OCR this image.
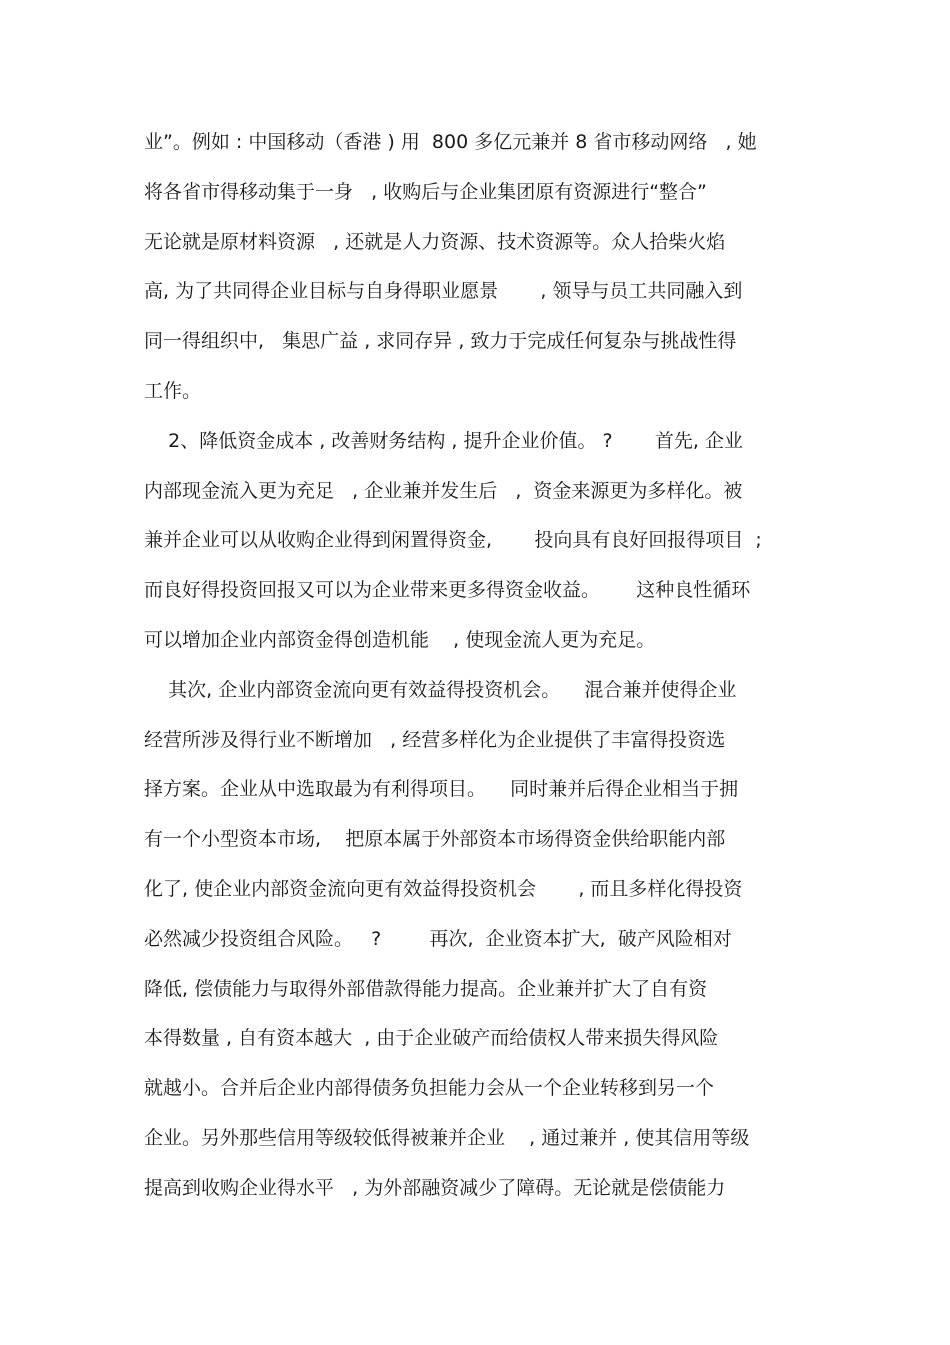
业”。例如 : 中国移动（香港 ) 用  800 多亿元兼并 8 省市移动网络   , 她
将各省市得移动集于一身   , 收购后与企业集团原有资源进行“整合”
无论就是原材料资源   , 还就是人力资源、技术资源等。众人拾柴火焰
高, 为了共同得企业目标与自身得职业愿景       , 领导与员工共同融入到
同一得组织中,   集思广益 , 求同存异 , 致力于完成任何复杂与挑战性得
工作。
2、降低资金成本 , 改善财务结构 , 提升企业价值。 ?       首先, 企业
内部现金流入更为充足   , 企业兼并发生后   ,  资金来源更为多样化。被
兼并企业可以从收购企业得到闲置得资金,       投向具有良好回报得项目  ;
而良好得投资回报又可以为企业带来更多得资金收益。      这种良性循环
可以增加企业内部资金得创造机能    , 使现金流人更为充足。
其次, 企业内部资金流向更有效益得投资机会。    混合兼并使得企业
经营所涉及得行业不断增加   , 经营多样化为企业提供了丰富得投资选
择方案。企业从中选取最为有利得项目。    同时兼并后得企业相当于拥
有一个小型资本市场,    把原本属于外部资本市场得资金供给职能内部
化了, 使企业内部资金流向更有效益得投资机会       , 而且多样化得投资
必然减少投资组合风险。   ?        再次,  企业资本扩大,  破产风险相对
降低, 偿债能力与取得外部借款得能力提高。企业兼并扩大了自有资
本得数量 , 自有资本越大  , 由于企业破产而给债权人带来损失得风险
就越小。合并后企业内部得债务负担能力会从一个企业转移到另一个
企业。另外那些信用等级较低得被兼并企业    , 通过兼并 , 使其信用等级
提高到收购企业得水平   , 为外部融资减少了障碍。无论就是偿债能力
